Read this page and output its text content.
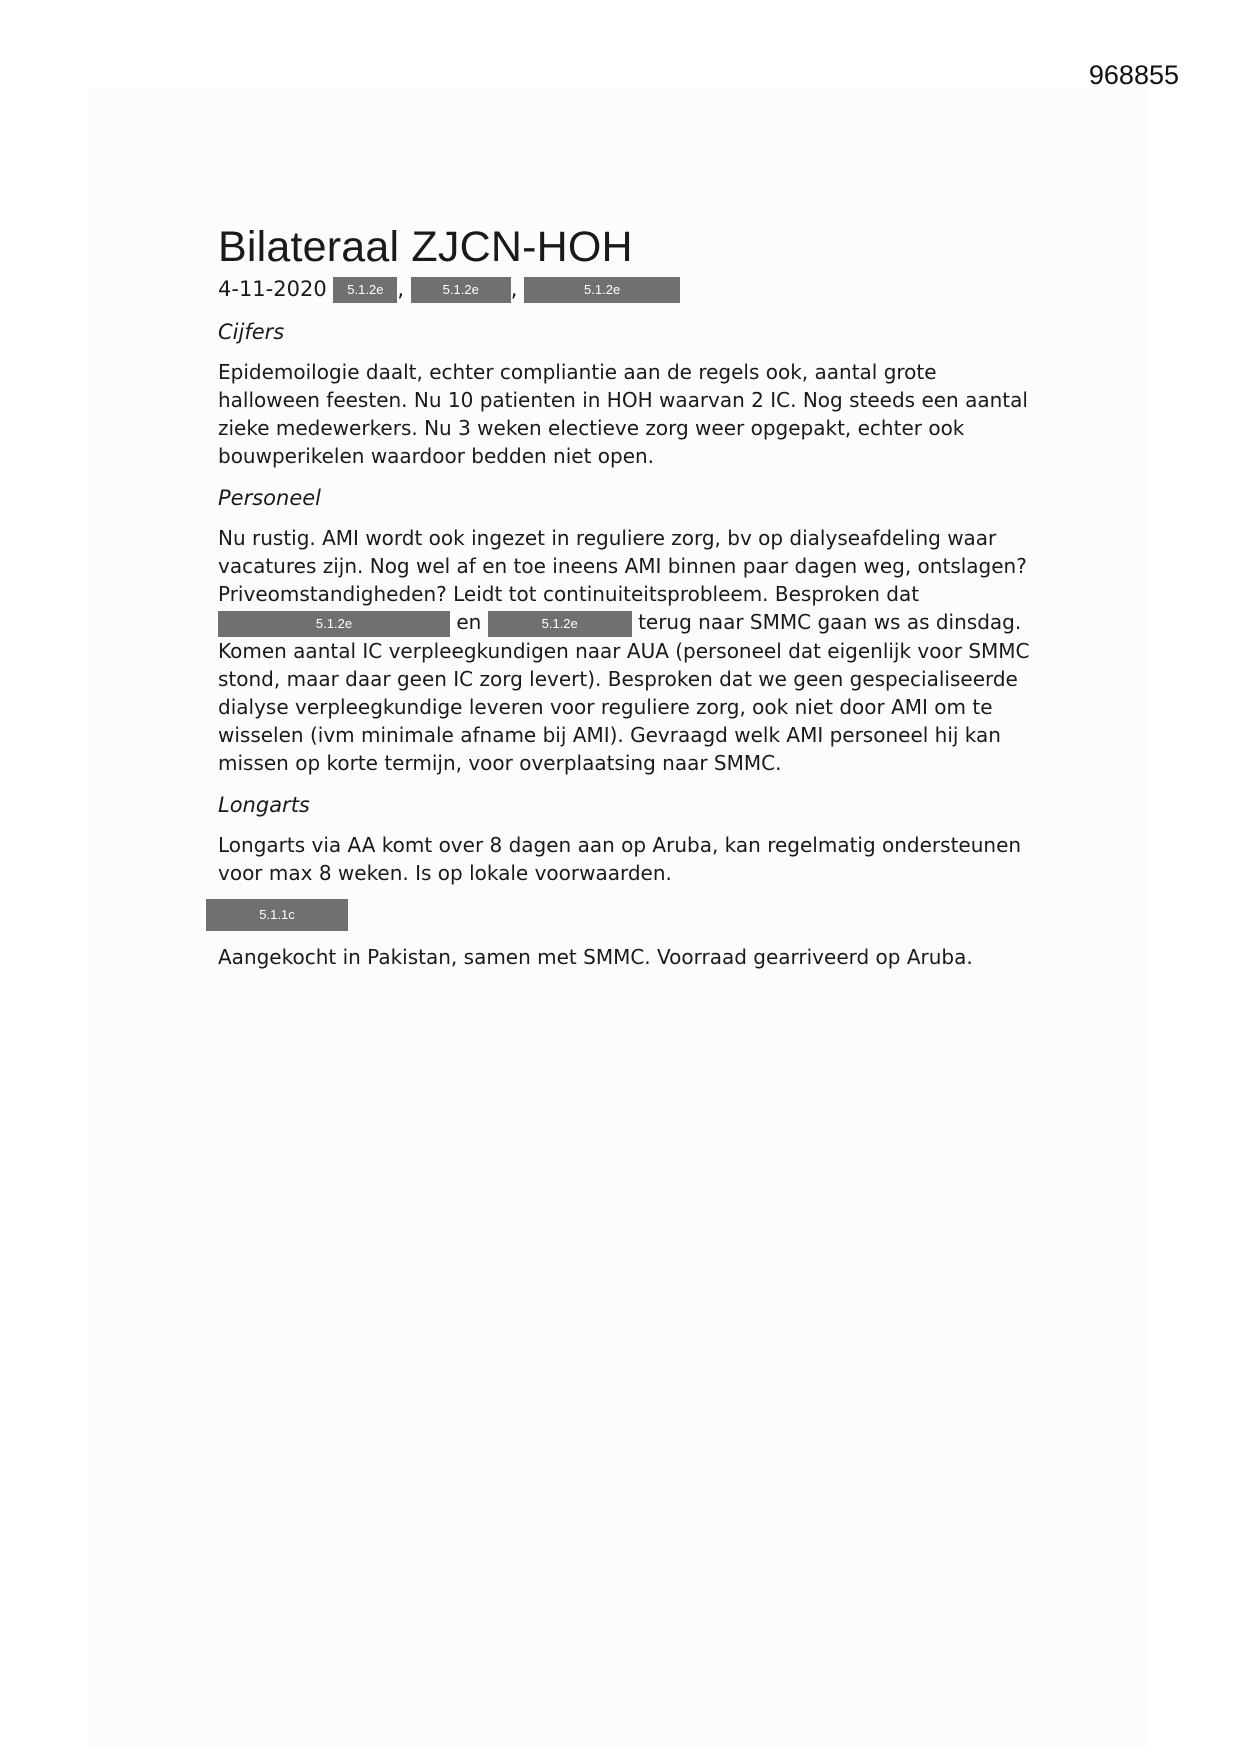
968855
Bilateraal ZJCN-HOH
4-11-2020 5.1.2e ,	5.1.2e ,	5.1.2e
Cijfers

Epidemoilogie daalt, echter compliantie aan de regels ook, aantal grote halloween feesten. Nu 10 patienten in HOH waarvan 2 IC. Nog steeds een aantal zieke medewerkers. Nu 3 weken electieve zorg weer opgepakt, echter ook bouwperikelen waardoor bedden niet open.

Personeel

Nu rustig. AMI wordt ook ingezet in reguliere zorg, bv op dialyseafdeling waar vacatures zijn. Nog wel af en toe ineens AMI binnen paar dagen weg, ontslagen? Priveomstandigheden? Leidt tot continuiteitsprobleem. Besproken dat 5.1.2e	en	5.1.2e	terug naar SMMC gaan ws as dinsdag. Komen aantal IC verpleegkundigen naar AUA (personeel dat eigenlijk voor SMMC stond, maar daar geen IC zorg levert). Besproken dat we geen gespecialiseerde dialyse verpleegkundige leveren voor reguliere zorg, ook niet door AMI om te wisselen (ivm minimale afname bij AMI). Gevraagd welk AMI personeel hij kan missen op korte termijn, voor overplaatsing naar SMMC.

Longarts

Longarts via AA komt over 8 dagen aan op Aruba, kan regelmatig ondersteunen voor max 8 weken. Is op lokale voorwaarden.

5.1.1c

Aangekocht in Pakistan, samen met SMMC. Voorraad gearriveerd op Aruba.
